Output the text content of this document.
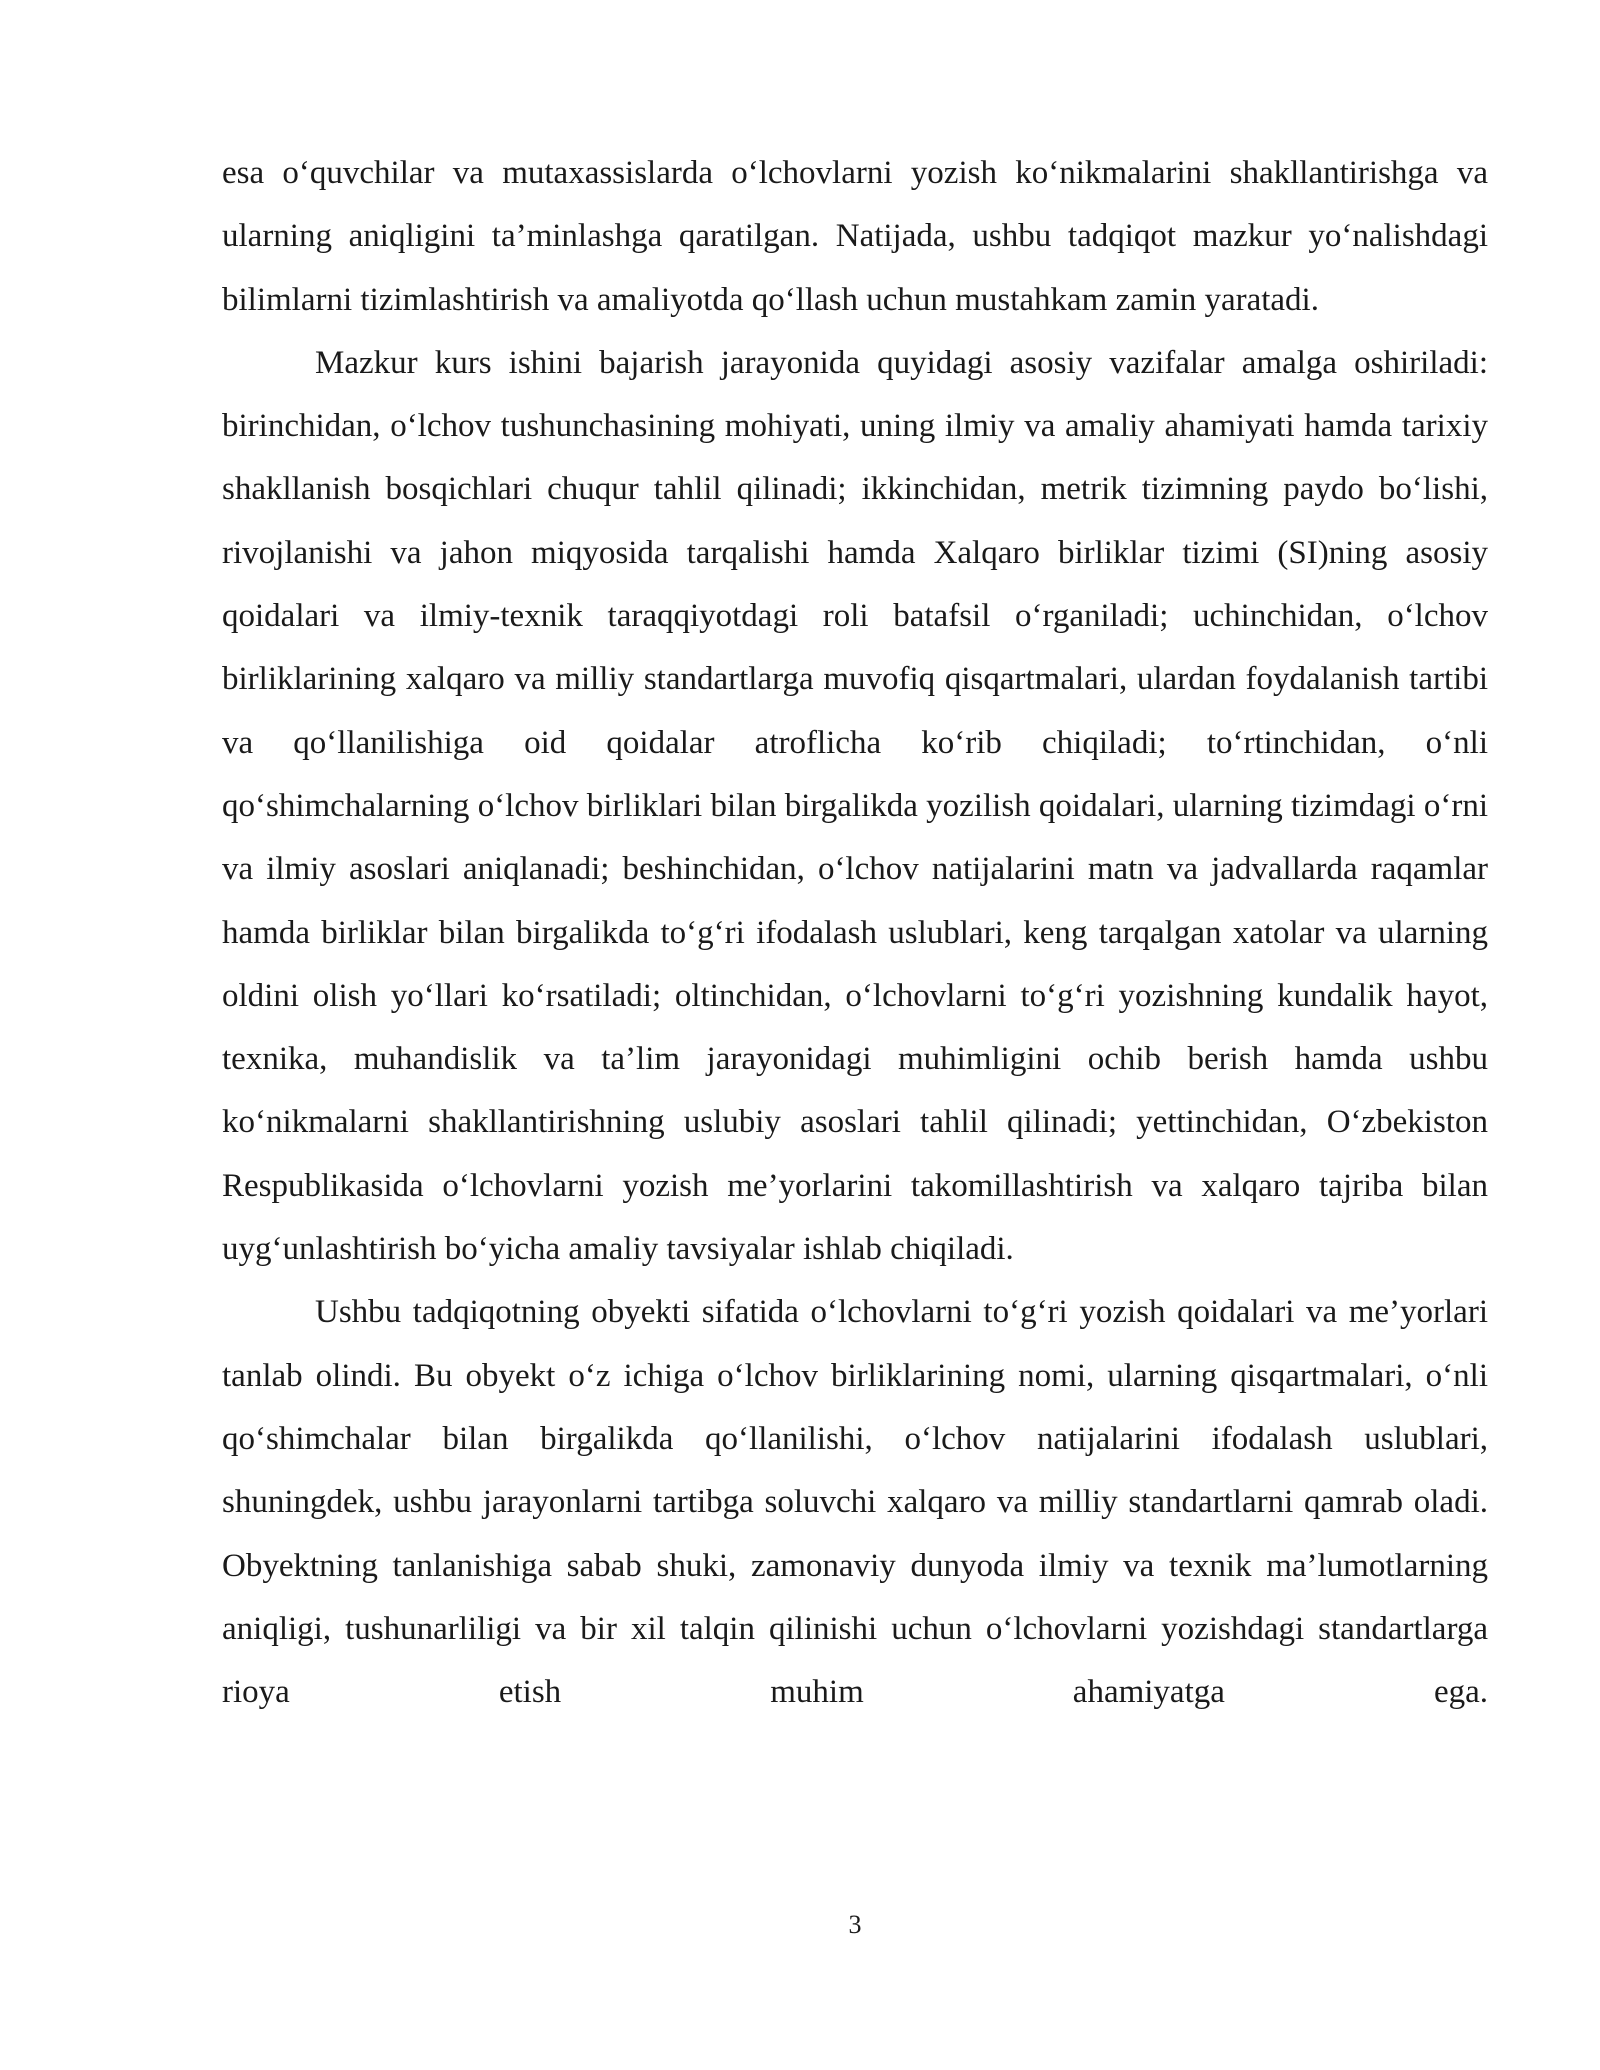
esa o‘quvchilar va mutaxassislarda o‘lchovlarni yozish ko‘nikmalarini shakllantirishga va ularning aniqligini ta’minlashga qaratilgan. Natijada, ushbu tadqiqot mazkur yo‘nalishdagi bilimlarni tizimlashtirish va amaliyotda qo‘llash uchun mustahkam zamin yaratadi.

Mazkur kurs ishini bajarish jarayonida quyidagi asosiy vazifalar amalga oshiriladi: birinchidan, o‘lchov tushunchasining mohiyati, uning ilmiy va amaliy ahamiyati hamda tarixiy shakllanish bosqichlari chuqur tahlil qilinadi; ikkinchidan, metrik tizimning paydo bo‘lishi, rivojlanishi va jahon miqyosida tarqalishi hamda Xalqaro birliklar tizimi (SI)ning asosiy qoidalari va ilmiy-texnik taraqqiyotdagi roli batafsil o‘rganiladi; uchinchidan, o‘lchov birliklarining xalqaro va milliy standartlarga muvofiq qisqartmalari, ulardan foydalanish tartibi va qo‘llanilishiga oid qoidalar atroflicha ko‘rib chiqiladi; to‘rtinchidan, o‘nli qo‘shimchalarning o‘lchov birliklari bilan birgalikda yozilish qoidalari, ularning tizimdagi o‘rni va ilmiy asoslari aniqlanadi; beshinchidan, o‘lchov natijalarini matn va jadvallarda raqamlar hamda birliklar bilan birgalikda to‘g‘ri ifodalash uslublari, keng tarqalgan xatolar va ularning oldini olish yo‘llari ko‘rsatiladi; oltinchidan, o‘lchovlarni to‘g‘ri yozishning kundalik hayot, texnika, muhandislik va ta’lim jarayonidagi muhimligini ochib berish hamda ushbu ko‘nikmalarni shakllantirishning uslubiy asoslari tahlil qilinadi; yettinchidan, O‘zbekiston Respublikasida o‘lchovlarni yozish me’yorlarini takomillashtirish va xalqaro tajriba bilan uyg‘unlashtirish bo‘yicha amaliy tavsiyalar ishlab chiqiladi.

Ushbu tadqiqotning obyekti sifatida o‘lchovlarni to‘g‘ri yozish qoidalari va me’yorlari tanlab olindi. Bu obyekt o‘z ichiga o‘lchov birliklarining nomi, ularning qisqartmalari, o‘nli qo‘shimchalar bilan birgalikda qo‘llanilishi, o‘lchov natijalarini ifodalash uslublari, shuningdek, ushbu jarayonlarni tartibga soluvchi xalqaro va milliy standartlarni qamrab oladi. Obyektning tanlanishiga sabab shuki, zamonaviy dunyoda ilmiy va texnik ma’lumotlarning aniqligi, tushunarliligi va bir xil talqin qilinishi uchun o‘lchovlarni yozishdagi standartlarga rioya etish muhim ahamiyatga ega.

3
